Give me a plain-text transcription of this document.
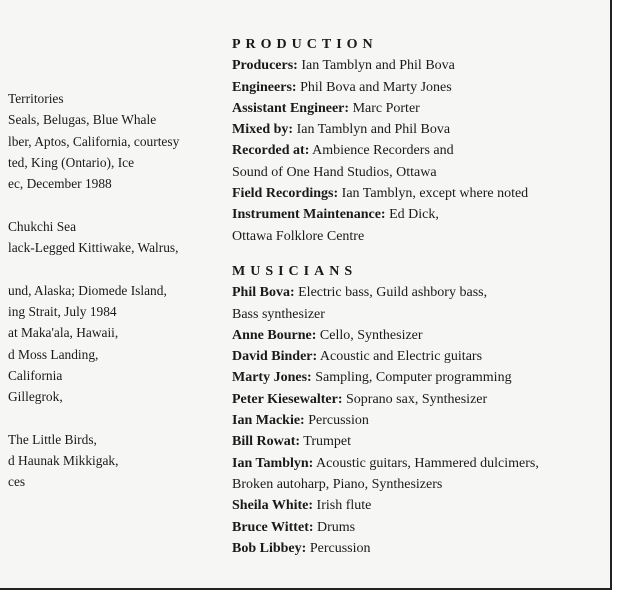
Territories
Seals, Belugas, Blue Whale
lber, Aptos, California, courtesy
ted, King (Ontario), Ice
ec, December 1988
Chukchi Sea
lack-Legged Kittiwake, Walrus,
und, Alaska; Diomede Island,
ing Strait, July 1984
at Maka'ala, Hawaii,
d Moss Landing,
California
Gillegrok,
The Little Birds,
d Haunak Mikkigak,
ces
PRODUCTION
Producers: Ian Tamblyn and Phil Bova
Engineers: Phil Bova and Marty Jones
Assistant Engineer: Marc Porter
Mixed by: Ian Tamblyn and Phil Bova
Recorded at: Ambience Recorders and
Sound of One Hand Studios, Ottawa
Field Recordings: Ian Tamblyn, except where noted
Instrument Maintenance: Ed Dick,
Ottawa Folklore Centre
MUSICIANS
Phil Bova: Electric bass, Guild ashbory bass,
Bass synthesizer
Anne Bourne: Cello, Synthesizer
David Binder: Acoustic and Electric guitars
Marty Jones: Sampling, Computer programming
Peter Kiesewalter: Soprano sax, Synthesizer
Ian Mackie: Percussion
Bill Rowat: Trumpet
Ian Tamblyn: Acoustic guitars, Hammered dulcimers,
Broken autoharp, Piano, Synthesizers
Sheila White: Irish flute
Bruce Wittet: Drums
Bob Libbey: Percussion
